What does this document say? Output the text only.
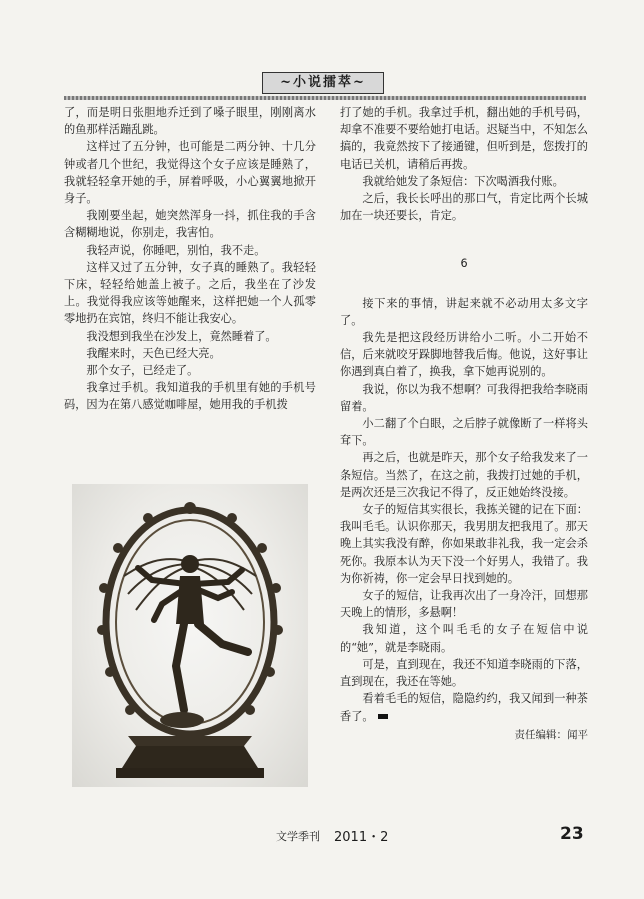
~小说擂萃~

了，而是明日张胆地乔迁到了嗓子眼里，刚刚离水的鱼那样活蹦乱跳。

这样过了五分钟，也可能是二两分钟、十几分钟或者几个世纪，我觉得这个女子应该是睡熟了，我就轻轻拿开她的手，屏着呼吸，小心翼翼地掀开身子。

我刚要坐起，她突然浑身一抖，抓住我的手含含糊糊地说，你别走，我害怕。

我轻声说，你睡吧，别怕，我不走。

这样又过了五分钟，女子真的睡熟了。我轻轻下床，轻轻给她盖上被子。之后，我坐在了沙发上。我觉得我应该等她醒来，这样把她一个人孤零零地扔在宾馆，终归不能让我安心。

我没想到我坐在沙发上，竟然睡着了。

我醒来时，天色已经大亮。

那个女子，已经走了。

我拿过手机。我知道我的手机里有她的手机号码，因为在第八感觉咖啡屋，她用我的手机拨

打了她的手机。我拿过手机，翻出她的手机号码，却拿不准要不要给她打电话。迟疑当中，不知怎么搞的，我竟然按下了接通键，但听到是，您拨打的电话已关机，请稍后再拨。

我就给她发了条短信：下次喝酒我付账。

之后，我长长呼出的那口气，肯定比两个长城加在一块还要长，肯定。

6

接下来的事情，讲起来就不必动用太多文字了。

我先是把这段经历讲给小二听。小二开始不信，后来就咬牙跺脚地替我后悔。他说，这好事让你遇到真白着了，换我，拿下她再说别的。

我说，你以为我不想啊？可我得把我给李晓雨留着。

小二翻了个白眼，之后脖子就像断了一样将头耷下。

再之后，也就是昨天，那个女子给我发来了一条短信。当然了，在这之前，我拨打过她的手机，是两次还是三次我记不得了，反正她始终没接。

女子的短信其实很长，我拣关键的记在下面：我叫毛毛。认识你那天，我男朋友把我甩了。那天晚上其实我没有醉，你如果敢非礼我，我一定会杀死你。我原本认为天下没一个好男人，我错了。我为你祈祷，你一定会早日找到她的。

女子的短信，让我再次出了一身冷汗，回想那天晚上的情形，多悬啊！

我知道，这个叫毛毛的女子在短信中说的“她”，就是李晓雨。

可是，直到现在，我还不知道李晓雨的下落，直到现在，我还在等她。

看着毛毛的短信，隐隐约约，我又闻到一种茶香了。

责任编辑：闻平

文学季刊 2011・2	23
